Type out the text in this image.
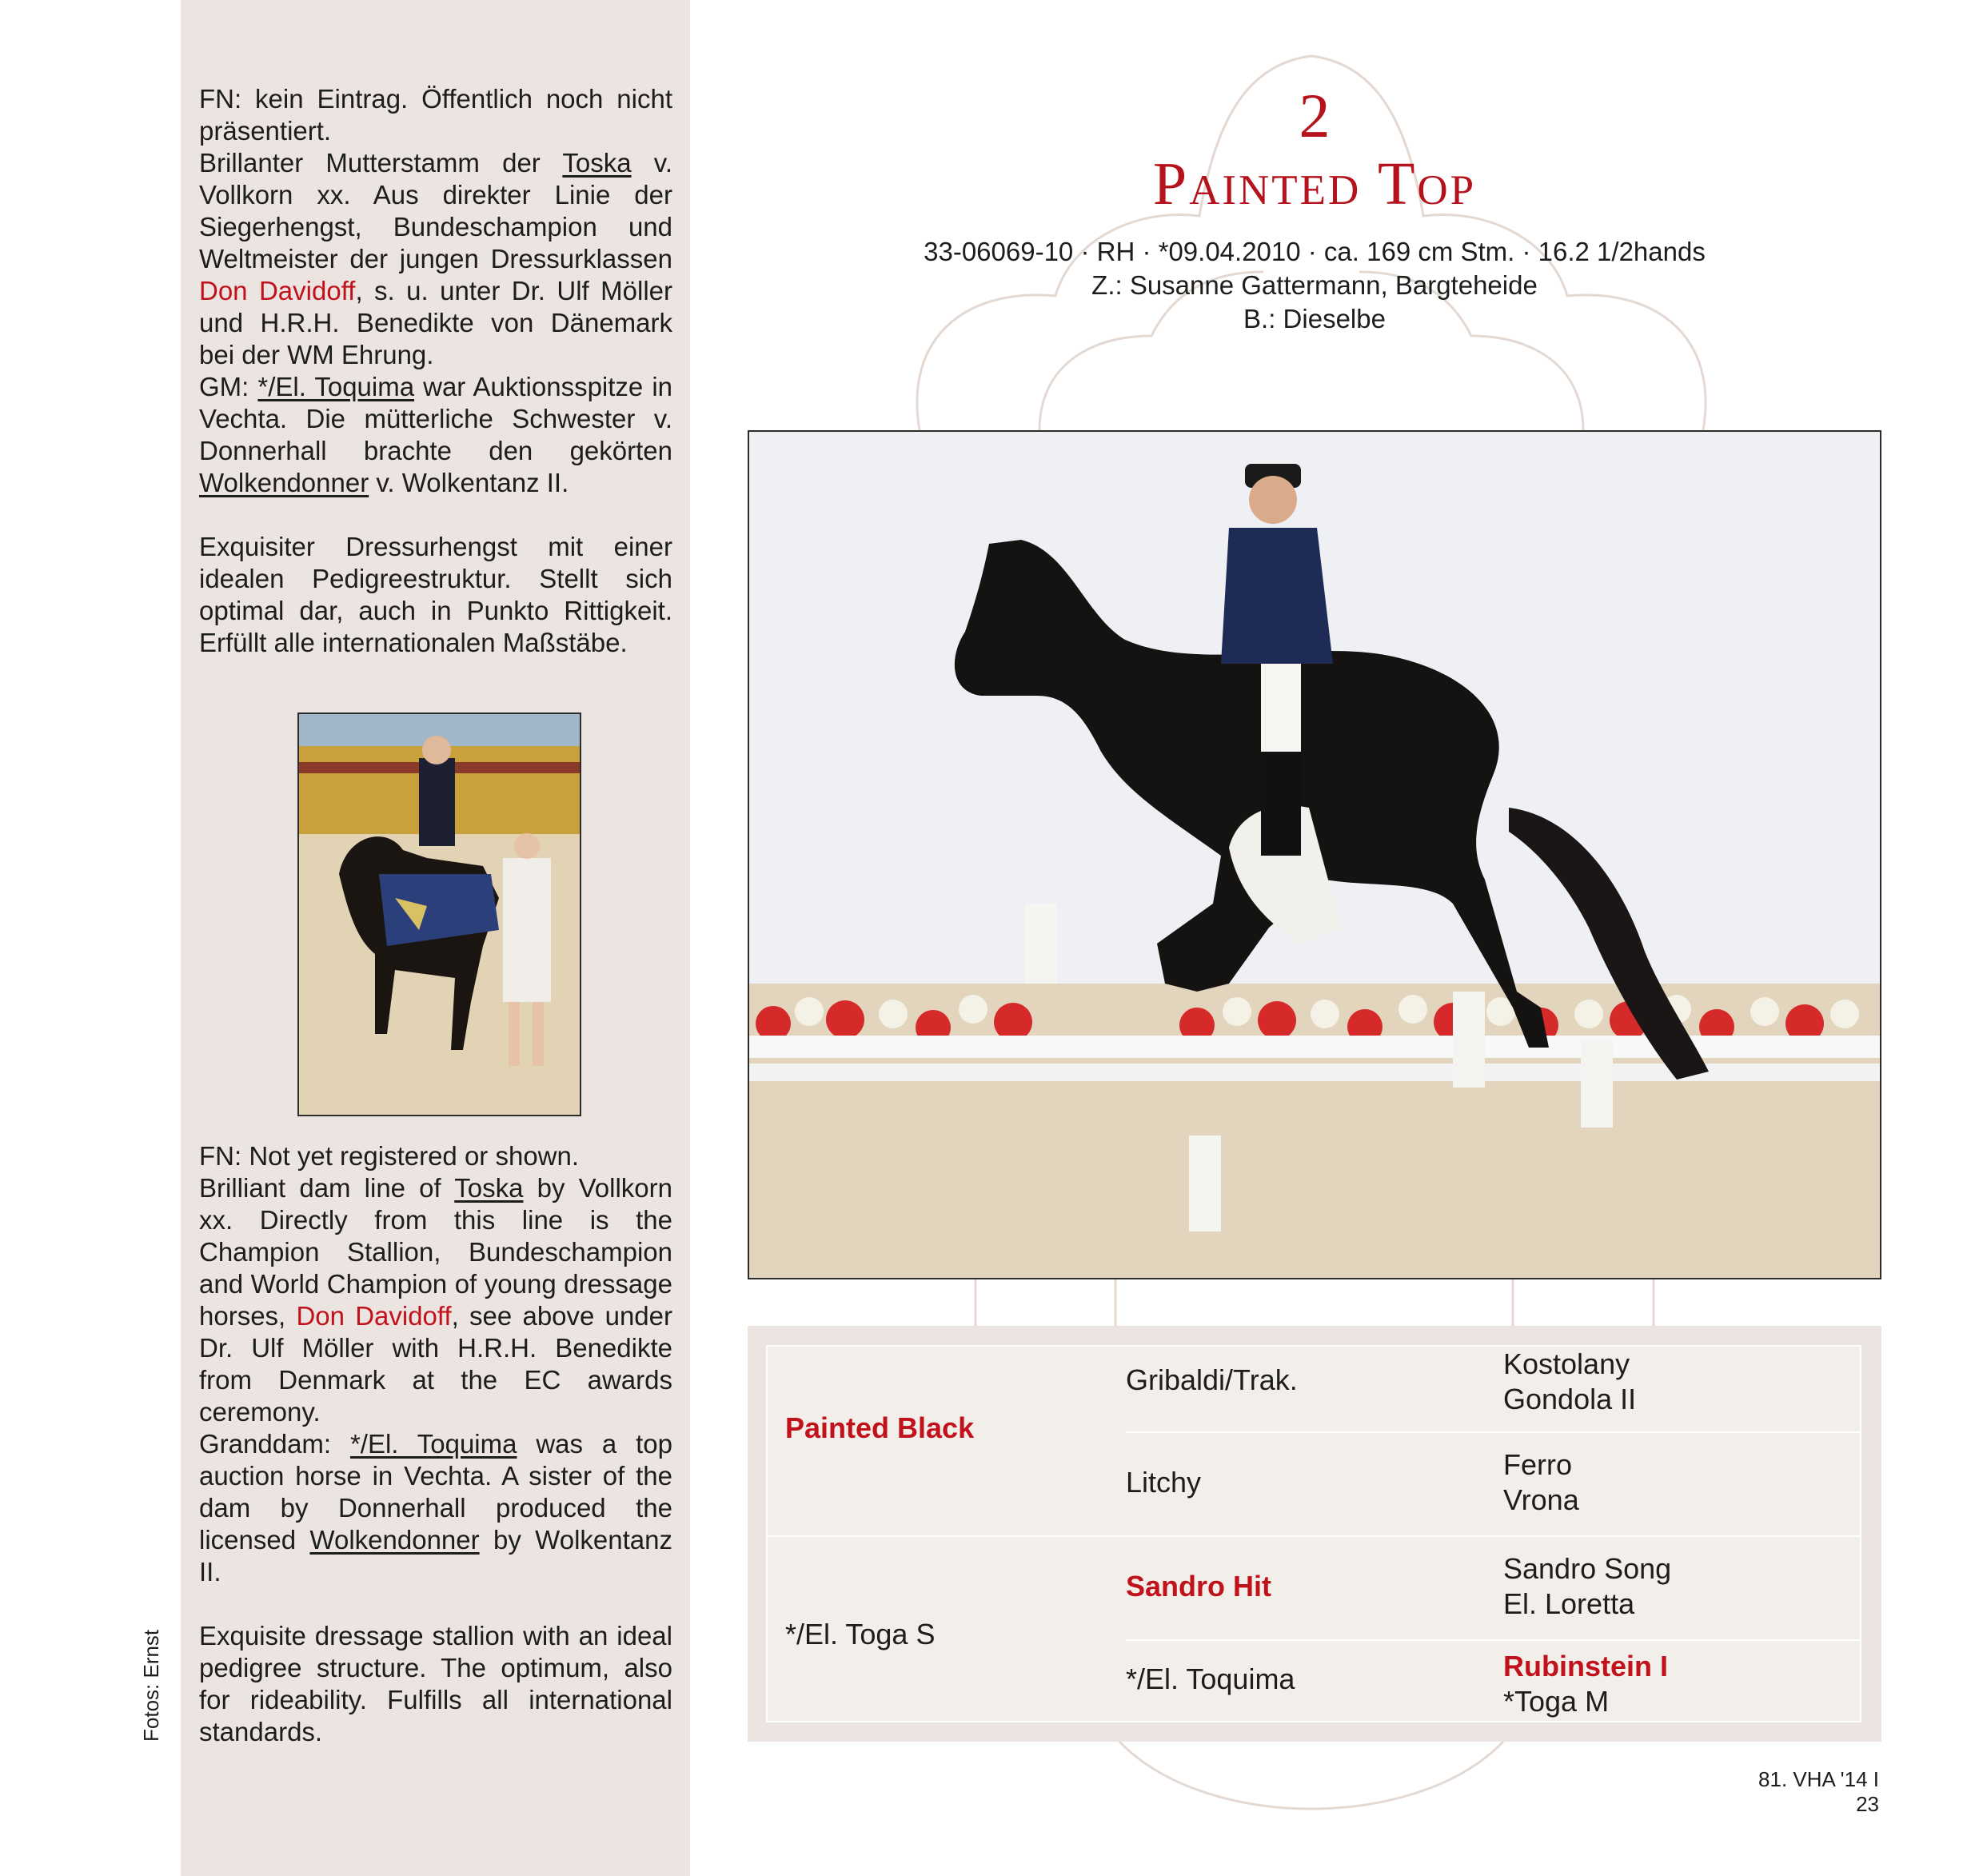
FN: kein Eintrag. Öffentlich noch nicht präsentiert.
Brillanter Mutterstamm der Toska v. Vollkorn xx. Aus direkter Linie der Siegerhengst, Bundeschampion und Weltmeister der jungen Dressurklassen Don Davidoff, s. u. unter Dr. Ulf Möller und H.R.H. Benedikte von Dänemark bei der WM Ehrung.
GM: */El. Toquima war Auktionsspitze in Vechta. Die mütterliche Schwester v. Donnerhall brachte den gekörten Wolkendonner v. Wolkentanz II.

Exquisiter Dressurhengst mit einer idealen Pedigreestruktur. Stellt sich optimal dar, auch in Punkto Rittigkeit. Erfüllt alle internationalen Maßstäbe.

FN: Not yet registered or shown.
Brilliant dam line of Toska by Vollkorn xx. Directly from this line is the Champion Stallion, Bundeschampion and World Champion of young dressage horses, Don Davidoff, see above under Dr. Ulf Möller with H.R.H. Benedikte from Denmark at the EC awards ceremony.
Granddam: */El. Toquima was a top auction horse in Vechta. A sister of the dam by Donnerhall produced the licensed Wolkendonner by Wolkentanz II.

Exquisite dressage stallion with an ideal pedigree structure. The optimum, also for rideability. Fulfills all international standards.

Fotos: Ernst
2
Painted Top
33-06069-10 · RH · *09.04.2010 · ca. 169 cm Stm. · 16.2 1/2hands
Z.: Susanne Gattermann, Bargteheide
B.: Dieselbe
Painted Black
*/El. Toga S
Gribaldi/Trak.
Litchy
Sandro Hit
*/El. Toquima
Kostolany
Gondola II
Ferro
Vrona
Sandro Song
El. Loretta
Rubinstein I
*Toga M
81. VHA '14 I 23
